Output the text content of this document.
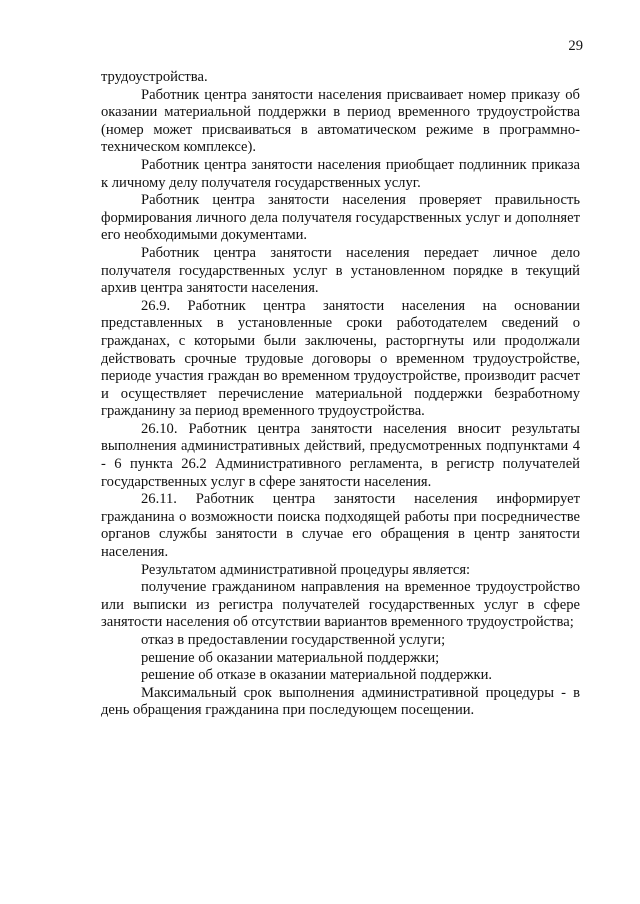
29

трудоустройства.

Работник центра занятости населения присваивает номер приказу об оказании материальной поддержки в период временного трудоустройства (номер может присваиваться в автоматическом режиме в программно-техническом комплексе).

Работник центра занятости населения приобщает подлинник приказа к личному делу получателя государственных услуг.

Работник центра занятости населения проверяет правильность формирования личного дела получателя государственных услуг и дополняет его необходимыми документами.

Работник центра занятости населения передает личное дело получателя государственных услуг в установленном порядке в текущий архив центра занятости населения.

26.9. Работник центра занятости населения на основании представленных в установленные сроки работодателем сведений о гражданах, с которыми были заключены, расторгнуты или продолжали действовать срочные трудовые договоры о временном трудоустройстве, периоде участия граждан во временном трудоустройстве, производит расчет и осуществляет перечисление материальной поддержки безработному гражданину за период временного трудоустройства.

26.10. Работник центра занятости населения вносит результаты выполнения административных действий, предусмотренных подпунктами 4 - 6 пункта 26.2 Административного регламента, в регистр получателей государственных услуг в сфере занятости населения.

26.11. Работник центра занятости населения информирует гражданина о возможности поиска подходящей работы при посредничестве органов службы занятости в случае его обращения в центр занятости населения.

Результатом административной процедуры является:

получение гражданином направления на временное трудоустройство или выписки из регистра получателей государственных услуг в сфере занятости населения об отсутствии вариантов временного трудоустройства;

отказ в предоставлении государственной услуги;

решение об оказании материальной поддержки;

решение об отказе в оказании материальной поддержки.

Максимальный срок выполнения административной процедуры - в день обращения гражданина при последующем посещении.
